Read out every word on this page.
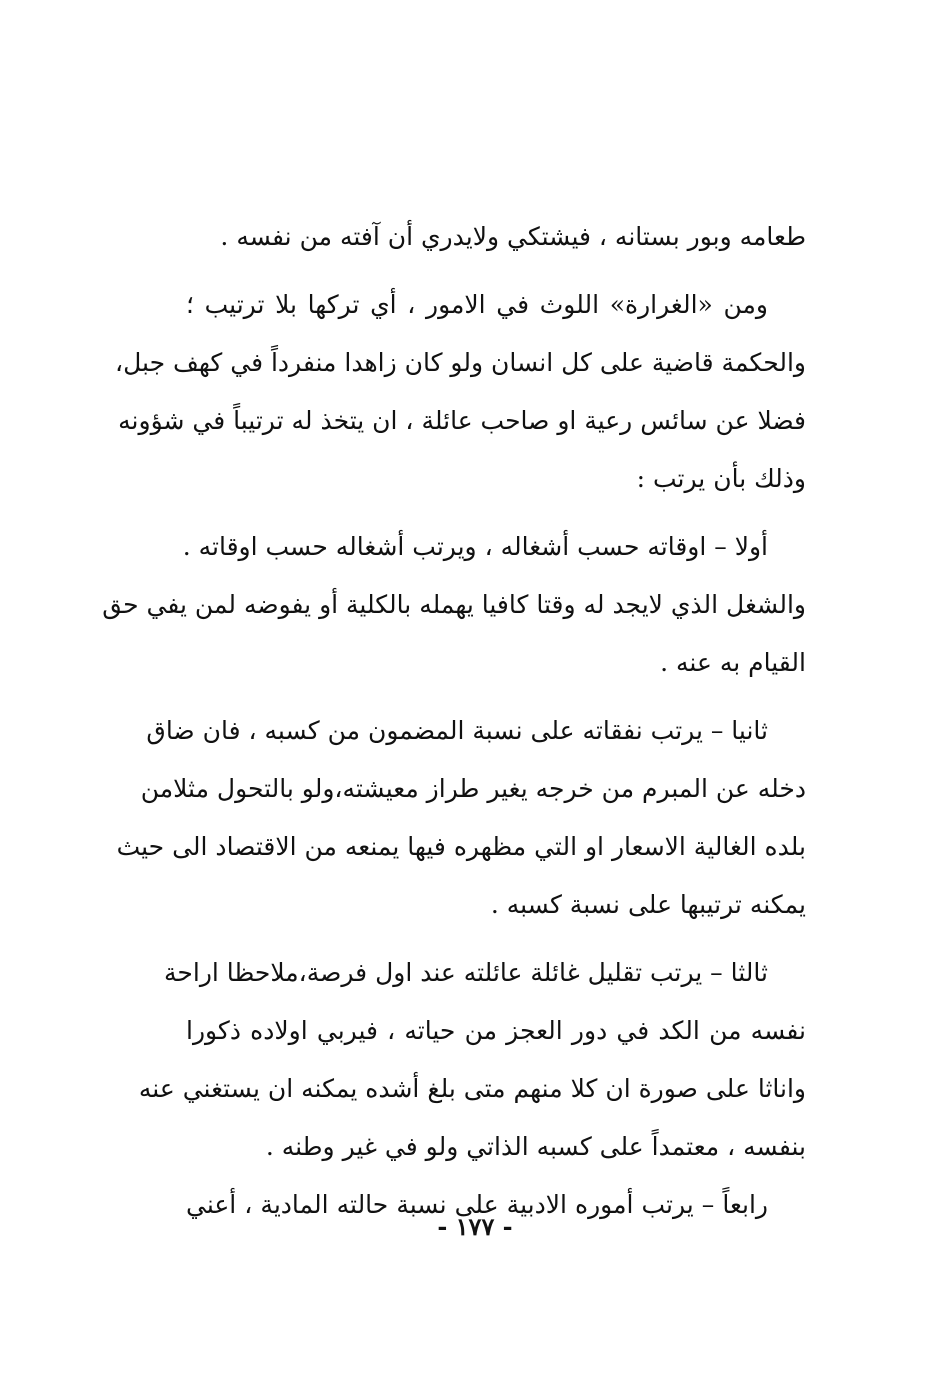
طعامه وبور بستانه ، فيشتكي ولايدري أن آفته من نفسه .
ومن «الغرارة» اللوث في الامور ، أي تركها بلا ترتيب ؛
والحكمة قاضية على كل انسان ولو كان زاهدا منفرداً في كهف جبل،
فضلا عن سائس رعية او صاحب عائلة ، ان يتخذ له ترتيباً في شؤونه
وذلك بأن يرتب :
أولا – اوقاته حسب أشغاله ، ويرتب أشغاله حسب اوقاته .
والشغل الذي لايجد له وقتا كافيا يهمله بالكلية أو يفوضه لمن يفي حق
القيام به عنه .
ثانيا – يرتب نفقاته على نسبة المضمون من كسبه ، فان ضاق
دخله عن المبرم من خرجه يغير طراز معيشته،ولو بالتحول مثلامن
بلده الغالية الاسعار او التي مظهره فيها يمنعه من الاقتصاد الى حيث
يمكنه ترتيبها على نسبة كسبه .
ثالثا – يرتب تقليل غائلة عائلته عند اول فرصة،ملاحظا اراحة
نفسه من الكد في دور العجز من حياته ، فيربي اولاده ذكورا
واناثا على صورة ان كلا منهم متى بلغ أشده يمكنه ان يستغني عنه
بنفسه ، معتمداً على كسبه الذاتي ولو في غير وطنه .
رابعاً – يرتب أموره الادبية على نسبة حالته المادية ، أعني
- ١٧٧ -
